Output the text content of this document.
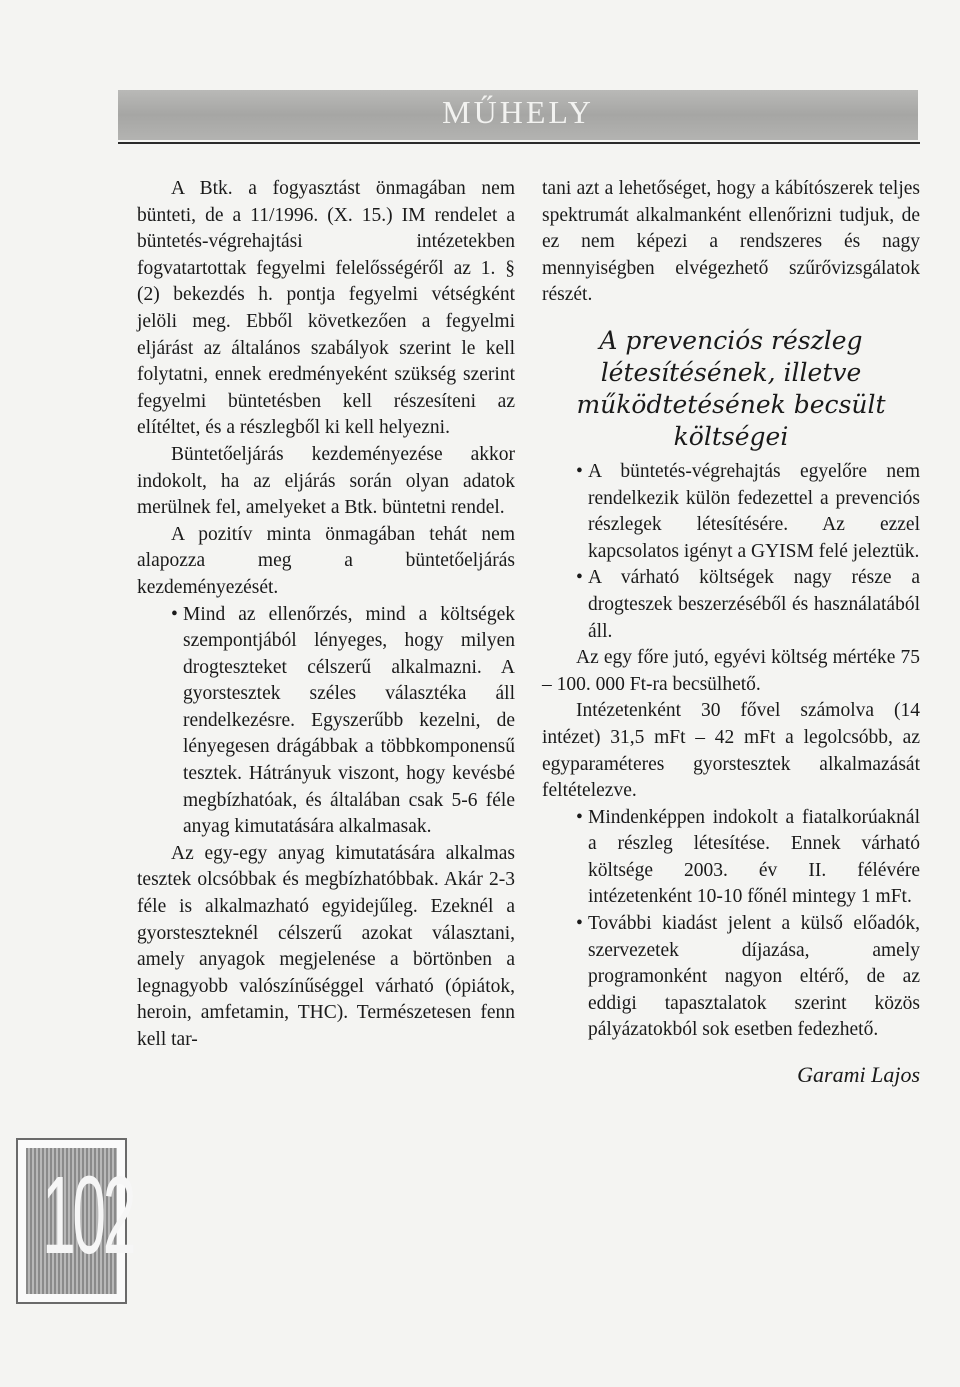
MŰHELY

A Btk. a fogyasztást önmagában nem bünteti, de a 11/1996. (X. 15.) IM rendelet a büntetés-végrehajtási intézetekben fogvatartottak fegyelmi felelősségéről az 1. § (2) bekezdés h. pontja fegyelmi vétségként jelöli meg. Ebből következően a fegyelmi eljárást az általános szabályok szerint le kell folytatni, ennek eredményeként szükség szerint fegyelmi büntetésben kell részesíteni az elítéltet, és a részlegből ki kell helyezni.

Büntetőeljárás kezdeményezése akkor indokolt, ha az eljárás során olyan adatok merülnek fel, amelyeket a Btk. büntetni rendel.

A pozitív minta önmagában tehát nem alapozza meg a büntetőeljárás kezdeményezését.

• Mind az ellenőrzés, mind a költségek szempontjából lényeges, hogy milyen drogteszteket célszerű alkalmazni. A gyorstesztek széles választéka áll rendelkezésre. Egyszerűbb kezelni, de lényegesen drágábbak a többkomponensű tesztek. Hátrányuk viszont, hogy kevésbé megbízhatóak, és általában csak 5-6 féle anyag kimutatására alkalmasak.

Az egy-egy anyag kimutatására alkalmas tesztek olcsóbbak és megbízhatóbbak. Akár 2-3 féle is alkalmazható egyidejűleg. Ezeknél a gyorsteszteknél célszerű azokat választani, amely anyagok megjelenése a börtönben a legnagyobb valószínűséggel várható (ópiátok, heroin, amfetamin, THC). Természetesen fenn kell tar-

tani azt a lehetőséget, hogy a kábítószerek teljes spektrumát alkalmanként ellenőrizni tudjuk, de ez nem képezi a rendszeres és nagy mennyiségben elvégezhető szűrővizsgálatok részét.

A prevenciós részleg létesítésének, illetve működtetésének becsült költségei

• A büntetés-végrehajtás egyelőre nem rendelkezik külön fedezettel a prevenciós részlegek létesítésére. Az ezzel kapcsolatos igényt a GYISM felé jeleztük.

• A várható költségek nagy része a drogteszek beszerzéséből és használatából áll.

Az egy főre jutó, egyévi költség mértéke 75 – 100. 000 Ft-ra becsülhető.

Intézetenként 30 fővel számolva (14 intézet) 31,5 mFt – 42 mFt a legolcsóbb, az egyparaméteres gyorstesztek alkalmazását feltételezve.

• Mindenképpen indokolt a fiatalkorúaknál a részleg létesítése. Ennek várható költsége 2003. év II. félévére intézetenként 10-10 főnél mintegy 1 mFt.

• További kiadást jelent a külső előadók, szervezetek díjazása, amely programonként nagyon eltérő, de az eddigi tapasztalatok szerint közös pályázatokból sok esetben fedezhető.

Garami Lajos
102
